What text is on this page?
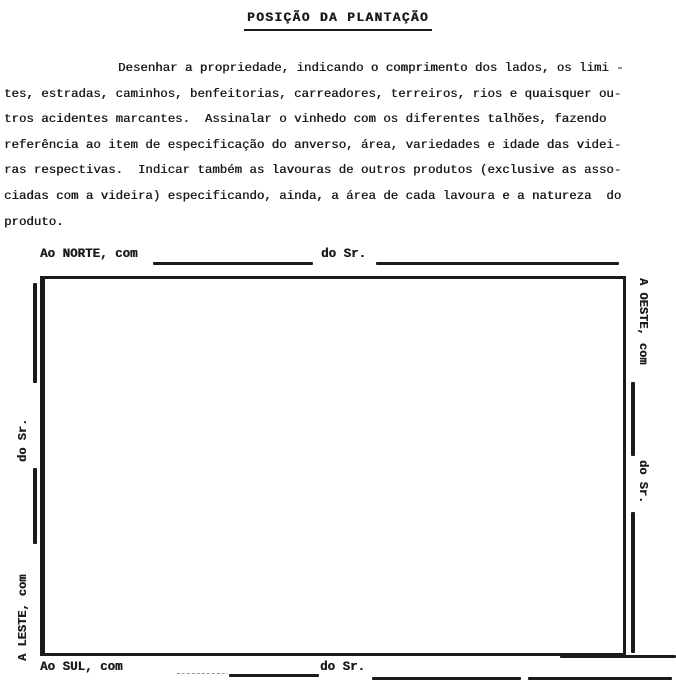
POSIÇÃO DA PLANTAÇÃO
Desenhar a propriedade, indicando o comprimento dos lados, os limi -
tes, estradas, caminhos, benfeitorias, carreadores, terreiros, rios e quaisquer ou-
tros acidentes marcantes.  Assinalar o vinhedo com os diferentes talhões, fazendo
referência ao item de especificação do anverso, área, variedades e idade das videi-
ras respectivas.  Indicar também as lavouras de outros produtos (exclusive as asso-
ciadas com a videira) especificando, ainda, a área de cada lavoura e a natureza  do
produto.
Ao NORTE, com	do Sr.
A OESTE, com
do Sr.
do Sr.
A LESTE, com
Ao SUL, com	do Sr.
